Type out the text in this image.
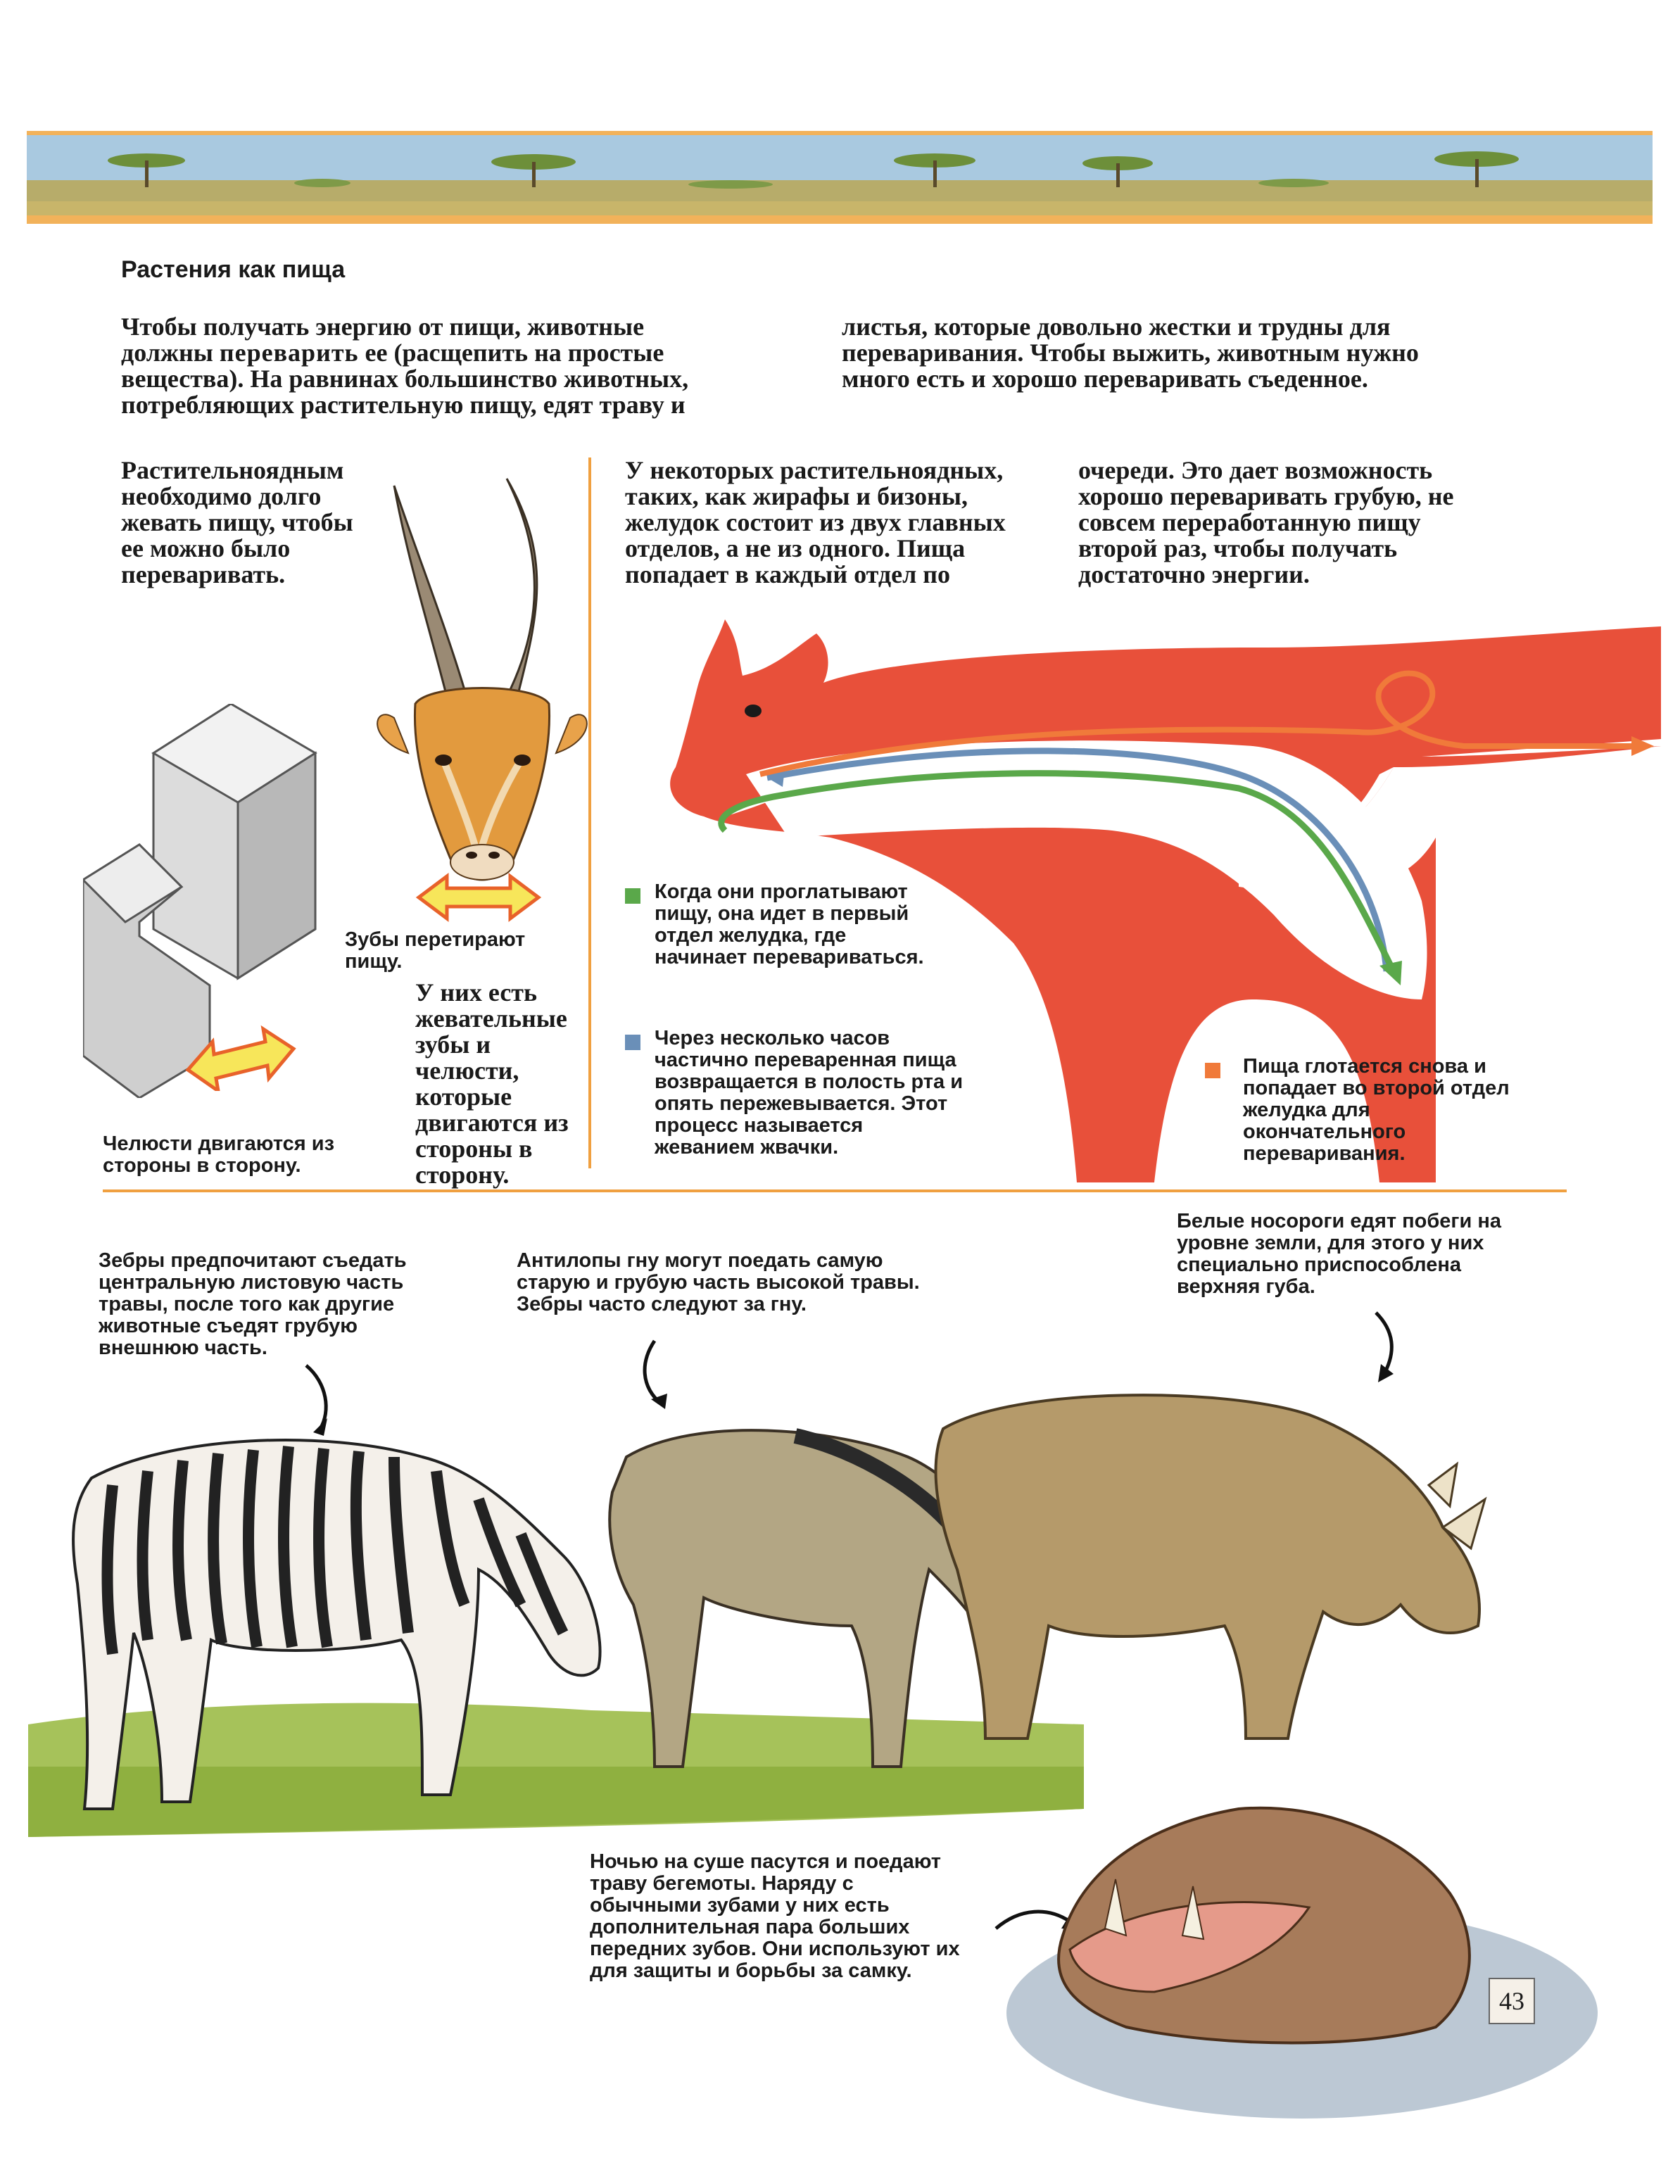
Растения как пища
Чтобы получать энергию от пищи, животные
должны переварить ее (расщепить на простые
вещества). На равнинах большинство животных,
потребляющих растительную пищу, едят траву и
листья, которые довольно жестки и трудны для
переваривания. Чтобы выжить, животным нужно
много есть и хорошо переваривать съеденное.
Растительноядным
необходимо долго
жевать пищу, чтобы
ее можно было
переваривать.
Зубы перетирают
пищу.
У них есть
жевательные
зубы и
челюсти,
которые
двигаются из
стороны в
сторону.
Челюсти двигаются из
стороны в сторону.
У некоторых растительноядных,
таких, как жирафы и бизоны,
желудок состоит из двух главных
отделов, а не из одного. Пища
попадает в каждый отдел по
очереди. Это дает возможность
хорошо переваривать грубую, не
совсем переработанную пищу
второй раз, чтобы получать
достаточно энергии.
Когда они проглатывают
пищу, она идет в первый
отдел желудка, где
начинает перевариваться.
Через несколько часов
частично переваренная пища
возвращается в полость рта и
опять пережевывается. Этот
процесс называется
жеванием жвачки.
Пища глотается снова и
попадает во второй отдел
желудка для
окончательного
переваривания.
Зебры предпочитают съедать
центральную листовую часть
травы, после того как другие
животные съедят грубую
внешнюю часть.
Антилопы гну могут поедать самую
старую и грубую часть высокой травы.
Зебры часто следуют за гну.
Белые носороги едят побеги на
уровне земли, для этого у них
специально приспособлена
верхняя губа.
Ночью на суше пасутся и поедают
траву бегемоты. Наряду с
обычными зубами у них есть
дополнительная пара больших
передних зубов. Они используют их
для защиты и борьбы за самку.
43
